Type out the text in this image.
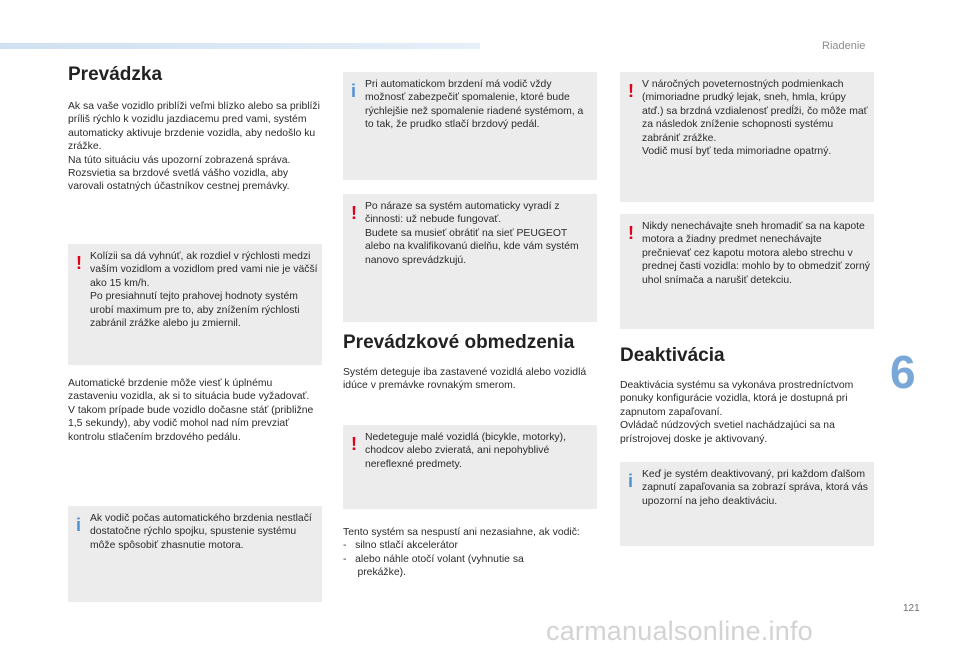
Riadenie
6
121
carmanualsonline.info
Prevádzka

Ak sa vaše vozidlo priblíži veľmi blízko alebo sa priblíži príliš rýchlo k vozidlu jazdiacemu pred vami, systém automaticky aktivuje brzdenie vozidla, aby nedošlo ku zrážke.
Na túto situáciu vás upozorní zobrazená správa.
Rozsvietia sa brzdové svetlá vášho vozidla, aby varovali ostatných účastníkov cestnej premávky.

! Kolízii sa dá vyhnúť, ak rozdiel v rýchlosti medzi vaším vozidlom a vozidlom pred vami nie je väčší ako 15 km/h.
Po presiahnutí tejto prahovej hodnoty systém urobí maximum pre to, aby znížením rýchlosti zabránil zrážke alebo ju zmiernil.

Automatické brzdenie môže viesť k úplnému zastaveniu vozidla, ak si to situácia bude vyžadovať.
V takom prípade bude vozidlo dočasne stáť (približne 1,5 sekundy), aby vodič mohol nad ním prevziať kontrolu stlačením brzdového pedálu.

i Ak vodič počas automatického brzdenia nestlačí dostatočne rýchlo spojku, spustenie systému môže spôsobiť zhasnutie motora.

i Pri automatickom brzdení má vodič vždy možnosť zabezpečiť spomalenie, ktoré bude rýchlejšie než spomalenie riadené systémom, a to tak, že prudko stlačí brzdový pedál.

! Po náraze sa systém automaticky vyradí z činnosti: už nebude fungovať.
Budete sa musieť obrátiť na sieť PEUGEOT alebo na kvalifikovanú dielňu, kde vám systém nanovo sprevádzkujú.

Prevádzkové obmedzenia

Systém deteguje iba zastavené vozidlá alebo vozidlá idúce v premávke rovnakým smerom.

! Nedeteguje malé vozidlá (bicykle, motorky), chodcov alebo zvieratá, ani nepohyblivé nereflexné predmety.

Tento systém sa nespustí ani nezasiahne, ak vodič:
-   silno stlačí akcelerátor
-   alebo náhle otočí volant (vyhnutie sa
prekážke).

! V náročných poveternostných podmienkach (mimoriadne prudký lejak, sneh, hmla, krúpy atď.) sa brzdná vzdialenosť predĺži, čo môže mať za následok zníženie schopnosti systému zabrániť zrážke.
Vodič musí byť teda mimoriadne opatrný.

! Nikdy nenechávajte sneh hromadiť sa na kapote motora a žiadny predmet nenechávajte prečnievať cez kapotu motora alebo strechu v prednej časti vozidla: mohlo by to obmedziť zorný uhol snímača a narušiť detekciu.

Deaktivácia

Deaktivácia systému sa vykonáva prostredníctvom ponuky konfigurácie vozidla, ktorá je dostupná pri zapnutom zapaľovaní.
Ovládač núdzových svetiel nachádzajúci sa na prístrojovej doske je aktivovaný.

i Keď je systém deaktivovaný, pri každom ďalšom zapnutí zapaľovania sa zobrazí správa, ktorá vás upozorní na jeho deaktiváciu.
